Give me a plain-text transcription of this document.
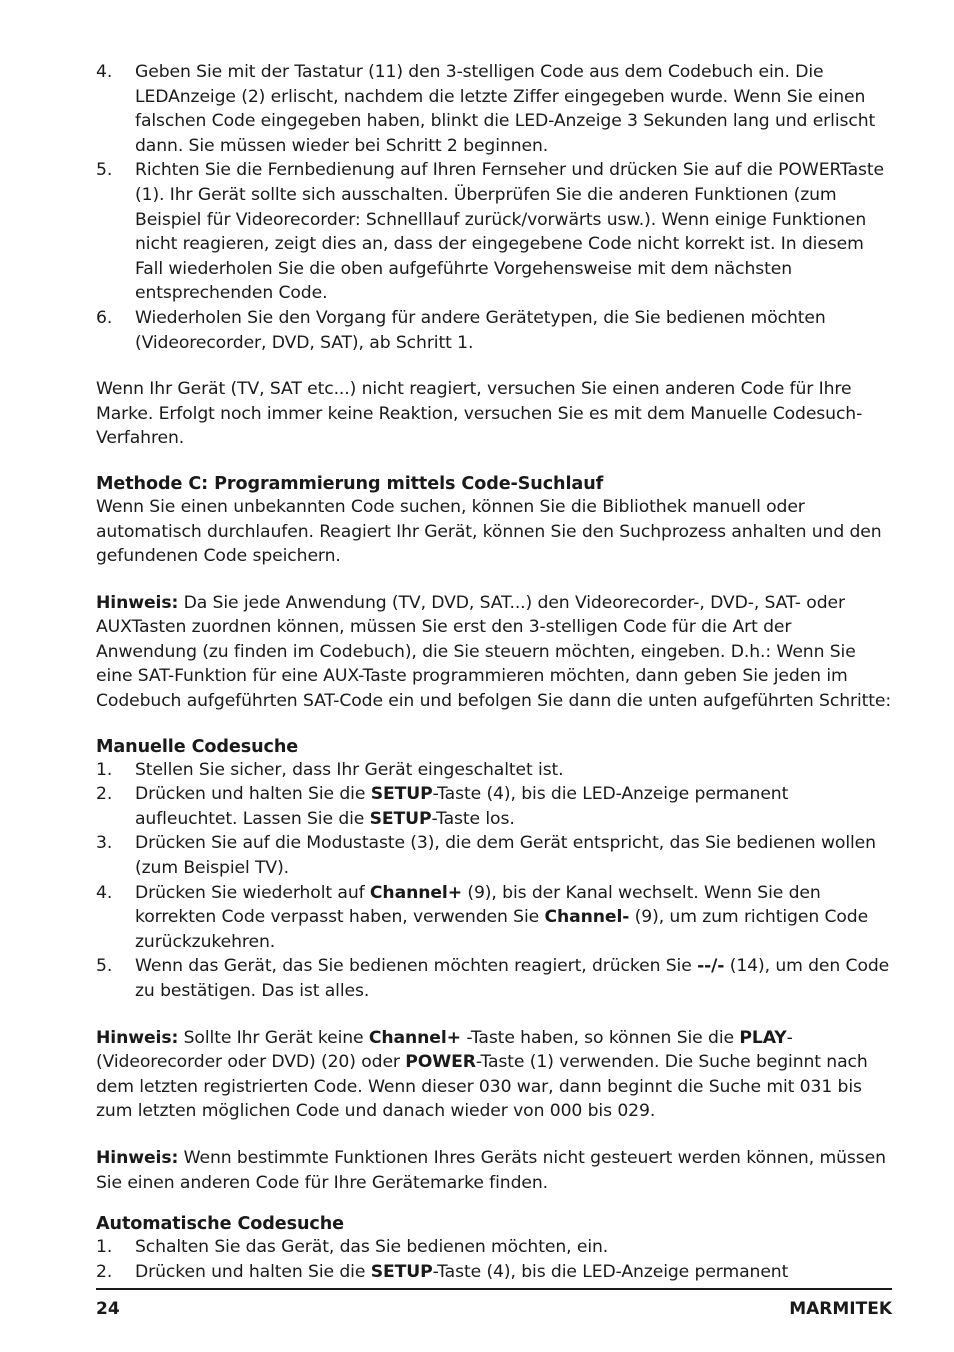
4. Geben Sie mit der Tastatur (11) den 3-stelligen Code aus dem Codebuch ein. Die LEDAnzeige (2) erlischt, nachdem die letzte Ziffer eingegeben wurde. Wenn Sie einen falschen Code eingegeben haben, blinkt die LED-Anzeige 3 Sekunden lang und erlischt dann. Sie müssen wieder bei Schritt 2 beginnen.
5. Richten Sie die Fernbedienung auf Ihren Fernseher und drücken Sie auf die POWERTaste (1). Ihr Gerät sollte sich ausschalten. Überprüfen Sie die anderen Funktionen (zum Beispiel für Videorecorder: Schnelllauf zurück/vorwärts usw.). Wenn einige Funktionen nicht reagieren, zeigt dies an, dass der eingegebene Code nicht korrekt ist. In diesem Fall wiederholen Sie die oben aufgeführte Vorgehensweise mit dem nächsten entsprechenden Code.
6. Wiederholen Sie den Vorgang für andere Gerätetypen, die Sie bedienen möchten (Videorecorder, DVD, SAT), ab Schritt 1.

Wenn Ihr Gerät (TV, SAT etc...) nicht reagiert, versuchen Sie einen anderen Code für Ihre Marke. Erfolgt noch immer keine Reaktion, versuchen Sie es mit dem Manuelle Codesuch-Verfahren.

Methode C: Programmierung mittels Code-Suchlauf

Wenn Sie einen unbekannten Code suchen, können Sie die Bibliothek manuell oder automatisch durchlaufen. Reagiert Ihr Gerät, können Sie den Suchprozess anhalten und den gefundenen Code speichern.

Hinweis: Da Sie jede Anwendung (TV, DVD, SAT...) den Videorecorder-, DVD-, SAT- oder AUXTasten zuordnen können, müssen Sie erst den 3-stelligen Code für die Art der Anwendung (zu finden im Codebuch), die Sie steuern möchten, eingeben. D.h.: Wenn Sie eine SAT-Funktion für eine AUX-Taste programmieren möchten, dann geben Sie jeden im Codebuch aufgeführten SAT-Code ein und befolgen Sie dann die unten aufgeführten Schritte:

Manuelle Codesuche
1. Stellen Sie sicher, dass Ihr Gerät eingeschaltet ist.
2. Drücken und halten Sie die SETUP-Taste (4), bis die LED-Anzeige permanent aufleuchtet. Lassen Sie die SETUP-Taste los.
3. Drücken Sie auf die Modustaste (3), die dem Gerät entspricht, das Sie bedienen wollen (zum Beispiel TV).
4. Drücken Sie wiederholt auf Channel+ (9), bis der Kanal wechselt. Wenn Sie den korrekten Code verpasst haben, verwenden Sie Channel- (9), um zum richtigen Code zurückzukehren.
5. Wenn das Gerät, das Sie bedienen möchten reagiert, drücken Sie --/- (14), um den Code zu bestätigen. Das ist alles.

Hinweis: Sollte Ihr Gerät keine Channel+ -Taste haben, so können Sie die PLAY-(Videorecorder oder DVD) (20) oder POWER-Taste (1) verwenden. Die Suche beginnt nach dem letzten registrierten Code. Wenn dieser 030 war, dann beginnt die Suche mit 031 bis zum letzten möglichen Code und danach wieder von 000 bis 029.

Hinweis: Wenn bestimmte Funktionen Ihres Geräts nicht gesteuert werden können, müssen Sie einen anderen Code für Ihre Gerätemarke finden.

Automatische Codesuche
1. Schalten Sie das Gerät, das Sie bedienen möchten, ein.
2. Drücken und halten Sie die SETUP-Taste (4), bis die LED-Anzeige permanent
24	MARMITEK
